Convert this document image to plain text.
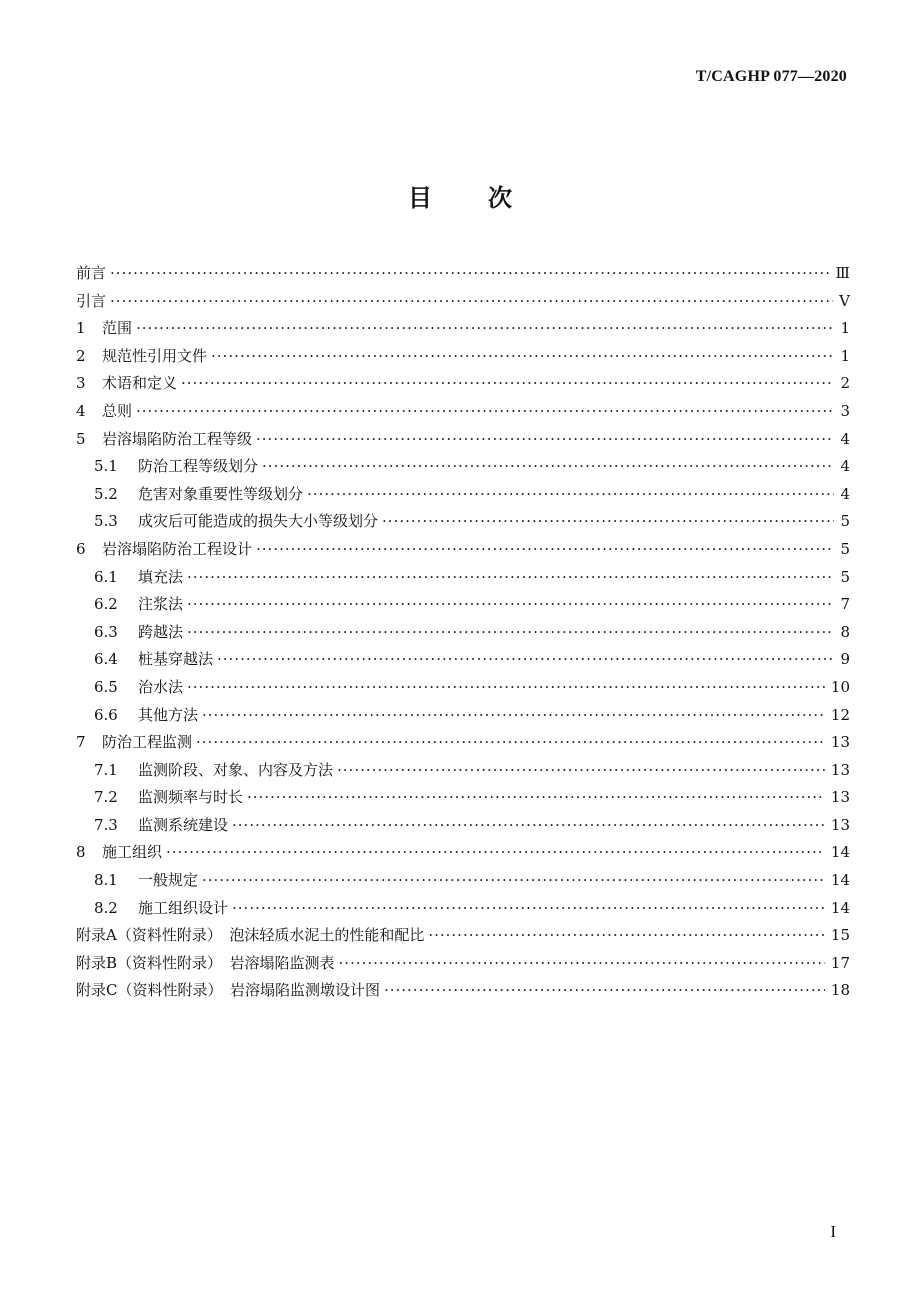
T/CAGHP 077—2020
目 次
前言 ·····	Ⅲ
引言 ·····	Ⅴ
1	范围 ·····	1
2	规范性引用文件 ·····	1
3	术语和定义 ·····	2
4	总则 ·····	3
5	岩溶塌陷防治工程等级 ·····	4
5.1	防治工程等级划分 ·····	4
5.2	危害对象重要性等级划分 ·····	4
5.3	成灾后可能造成的损失大小等级划分 ·····	5
6	岩溶塌陷防治工程设计 ·····	5
6.1	填充法 ·····	5
6.2	注浆法 ·····	7
6.3	跨越法 ·····	8
6.4	桩基穿越法 ·····	9
6.5	治水法 ·····	10
6.6	其他方法 ·····	12
7	防治工程监测 ·····	13
7.1	监测阶段、对象、内容及方法 ·····	13
7.2	监测频率与时长 ·····	13
7.3	监测系统建设 ·····	13
8	施工组织 ·····	14
8.1	一般规定 ·····	14
8.2	施工组织设计 ·····	14
附录A（资料性附录）　泡沫轻质水泥土的性能和配比 ·····	15
附录B（资料性附录）　岩溶塌陷监测表 ·····	17
附录C（资料性附录）　岩溶塌陷监测墩设计图 ·····	18
I
